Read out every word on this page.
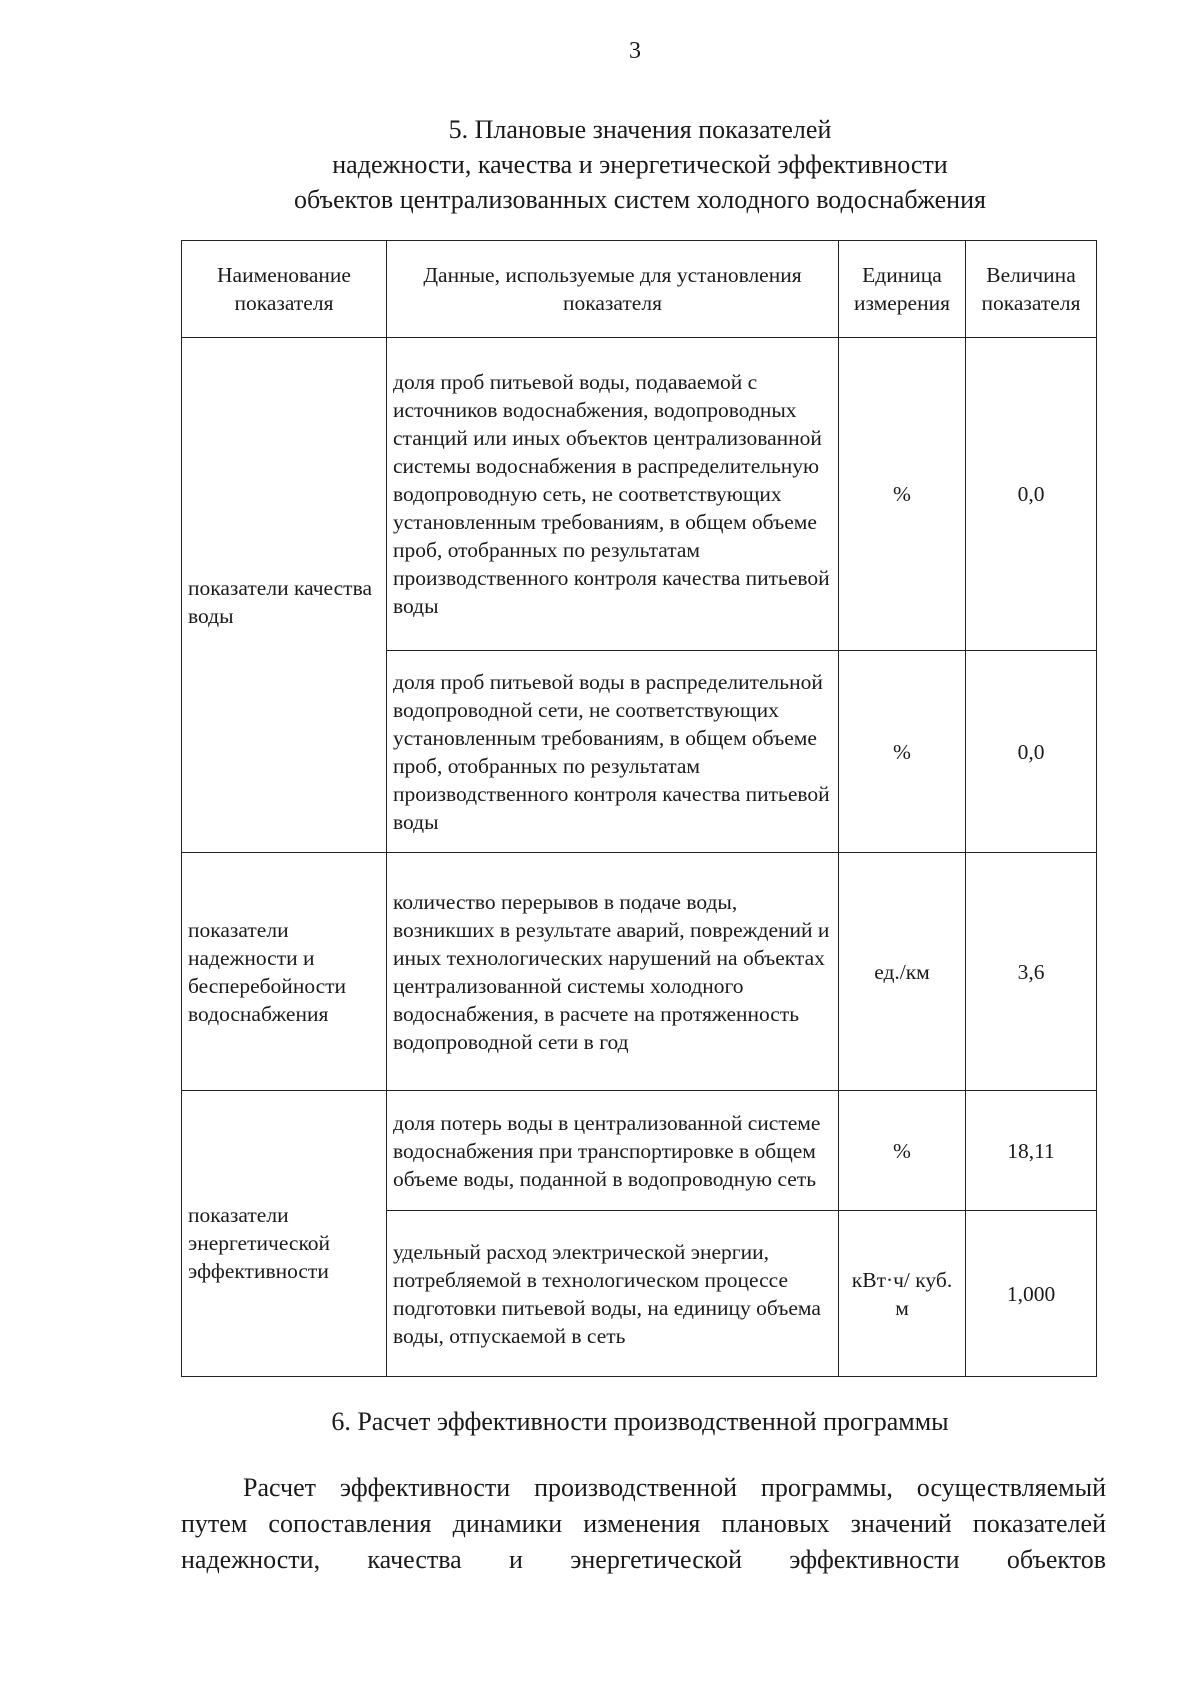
3
5. Плановые значения показателей
надежности, качества и энергетической эффективности
объектов централизованных систем холодного водоснабжения
Наименование показателя	Данные, используемые для установления показателя	Единица измерения	Величина показателя
показатели качества воды	доля проб питьевой воды, подаваемой с источников водоснабжения, водопроводных станций или иных объектов централизованной системы водоснабжения в распределительную водопроводную сеть, не соответствующих установленным требованиям, в общем объеме проб, отобранных по результатам производственного контроля качества питьевой воды	%	0,0
	доля проб питьевой воды в распределительной водопроводной сети, не соответствующих установленным требованиям, в общем объеме проб, отобранных по результатам производственного контроля качества питьевой воды	%	0,0
показатели надежности и бесперебойности водоснабжения	количество перерывов в подаче воды, возникших в результате аварий, повреждений и иных технологических нарушений на объектах централизованной системы холодного водоснабжения, в расчете на протяженность водопроводной сети в год	ед./км	3,6
показатели энергетической эффективности	доля потерь воды в централизованной системе водоснабжения при транспортировке в общем объеме воды, поданной в водопроводную сеть	%	18,11
	удельный расход электрической энергии, потребляемой в технологическом процессе подготовки питьевой воды, на единицу объема воды, отпускаемой в сеть	кВт·ч/ куб. м	1,000
6. Расчет эффективности производственной программы
Расчет эффективности производственной программы, осуществляемый путем сопоставления динамики изменения плановых значений показателей надежности, качества и энергетической эффективности объектов
